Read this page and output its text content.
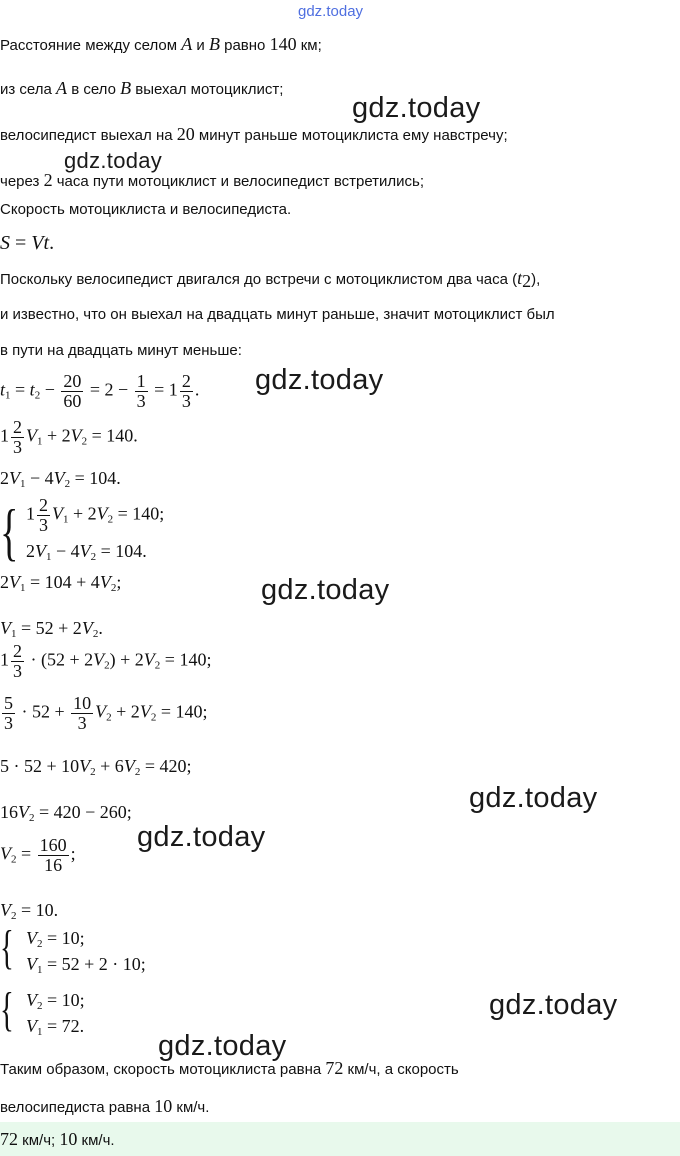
gdz.today
gdz.today
gdz.today
gdz.today
gdz.today
gdz.today
gdz.today
gdz.today
gdz.today
Расстояние между селом A и B равно 140 км;
из села A в село B выехал мотоциклист;
велосипедист выехал на 20 минут раньше мотоциклиста ему навстречу;
через 2 часа пути мотоциклист и велосипедист встретились;
Скорость мотоциклиста и велосипедиста.
S = Vt.
Поскольку велосипедист двигался до встречи с мотоциклистом два часа $(t_2)$,
и известно, что он выехал на двадцать минут раньше, значит мотоциклист был
в пути на двадцать минут меньше:
$t_1 = t_2 - \frac{20}{60} = 2 - \frac{1}{3} = 1 \frac{2}{3}$ .
$1 \frac{2}{3} V_1 + 2V_2 = 140$.
$2V_1 - 4V_2 = 104$.
{ $1 \frac{2}{3} V_1 + 2V_2 = 140$;
$2V_1 - 4V_2 = 104$.
$2V_1 = 104 + 4V_2$;
$V_1 = 52 + 2V_2$.
$1 \frac{2}{3} \cdot (52 + 2V_2) + 2V_2 = 140$;
$\frac{5}{3} \cdot 52 + \frac{10}{3} V_2 + 2V_2 = 140$;
$5 \cdot 52 + 10V_2 + 6V_2 = 420$;
$16V_2 = 420 - 260$;
$V_2 = \frac{160}{16}$ ;
$V_2 = 10$.
{ $V_2 = 10$;
$V_1 = 52 + 2 \cdot 10$;
{ $V_2 = 10$;
$V_1 = 72$.
Таким образом, скорость мотоциклиста равна 72 км/ч, а скорость
велосипедиста равна 10 км/ч.
72 км/ч; 10 км/ч.
